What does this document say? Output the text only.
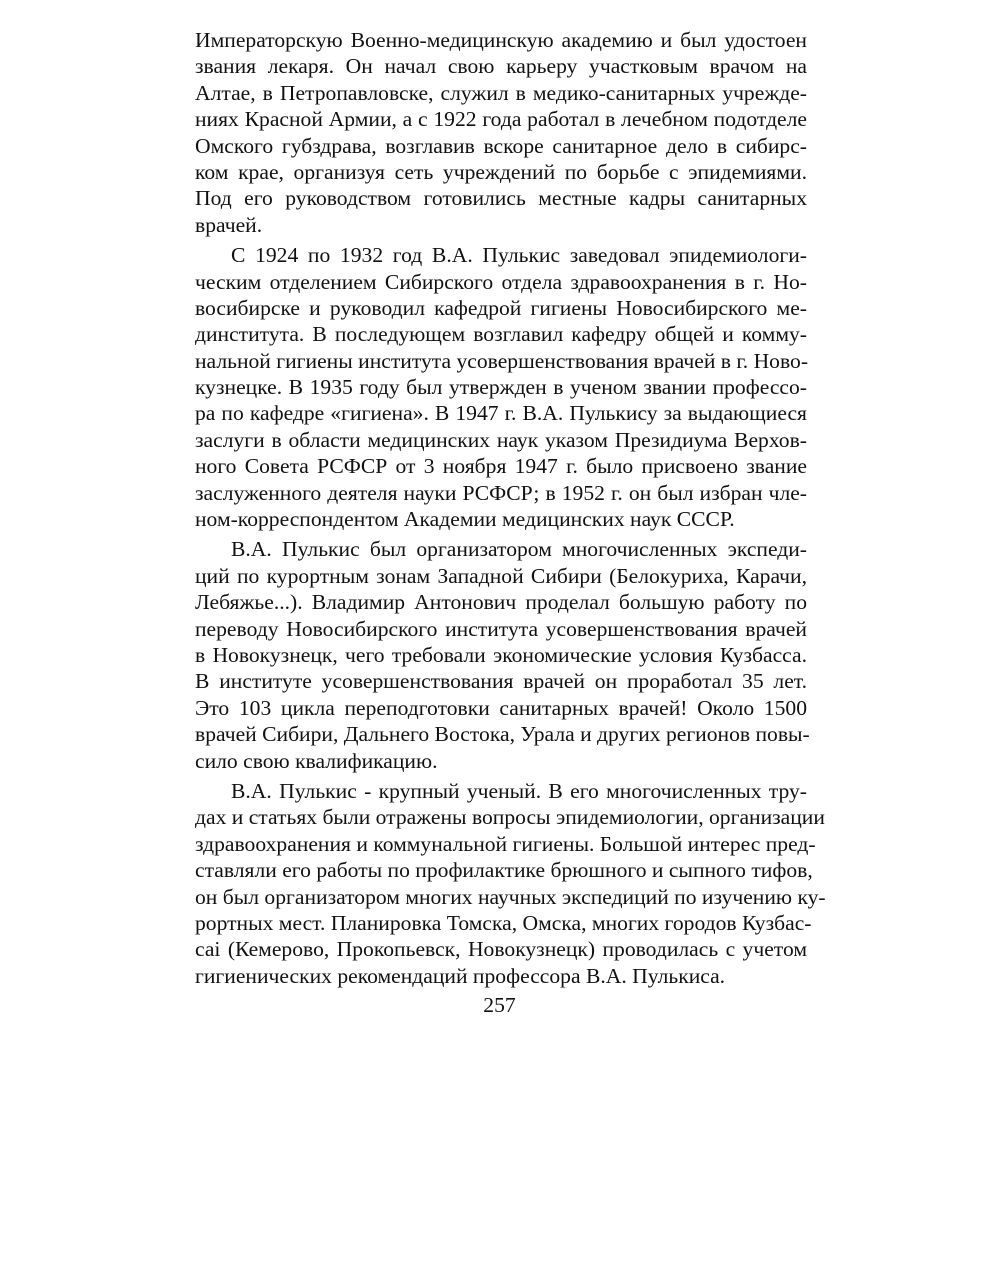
Императорскую Военно-медицинскую академию и был удостоен
звания лекаря. Он начал свою карьеру участковым врачом на
Алтае, в Петропавловске, служил в медико-санитарных учрежде-
ниях Красной Армии, а с 1922 года работал в лечебном подотделе
Омского губздрава, возглавив вскоре санитарное дело в сибирс-
ком крае, организуя сеть учреждений по борьбе с эпидемиями.
Под его руководством готовились местные кадры санитарных
врачей.
С 1924 по 1932 год В.А. Пулькис заведовал эпидемиологи-
ческим отделением Сибирского отдела здравоохранения в г. Но-
восибирске и руководил кафедрой гигиены Новосибирского ме-
динститута. В последующем возглавил кафедру общей и комму-
нальной гигиены института усовершенствования врачей в г. Ново-
кузнецке. В 1935 году был утвержден в ученом звании профессо-
ра по кафедре «гигиена». В 1947 г. В.А. Пулькису за выдающиеся
заслуги в области медицинских наук указом Президиума Верхов-
ного Совета РСФСР от 3 ноября 1947 г. было присвоено звание
заслуженного деятеля науки РСФСР; в 1952 г. он был избран чле-
ном-корреспондентом Академии медицинских наук СССР.
В.А. Пулькис был организатором многочисленных экспеди-
ций по курортным зонам Западной Сибири (Белокуриха, Карачи,
Лебяжье...). Владимир Антонович проделал большую работу по
переводу Новосибирского института усовершенствования врачей
в Новокузнецк, чего требовали экономические условия Кузбасса.
В институте усовершенствования врачей он проработал 35 лет.
Это 103 цикла переподготовки санитарных врачей! Около 1500
врачей Сибири, Дальнего Востока, Урала и других регионов повы-
сило свою квалификацию.
В.А. Пулькис - крупный ученый. В его многочисленных тру-
дах и статьях были отражены вопросы эпидемиологии, организации
здравоохранения и коммунальной гигиены. Большой интерес пред-
ставляли его работы по профилактике брюшного и сыпного тифов,
он был организатором многих научных экспедиций по изучению ку-
рортных мест. Планировка Томска, Омска, многих городов Кузбас-
саі (Кемерово, Прокопьевск, Новокузнецк) проводилась с учетом
гигиенических рекомендаций профессора В.А. Пулькиса.
257
